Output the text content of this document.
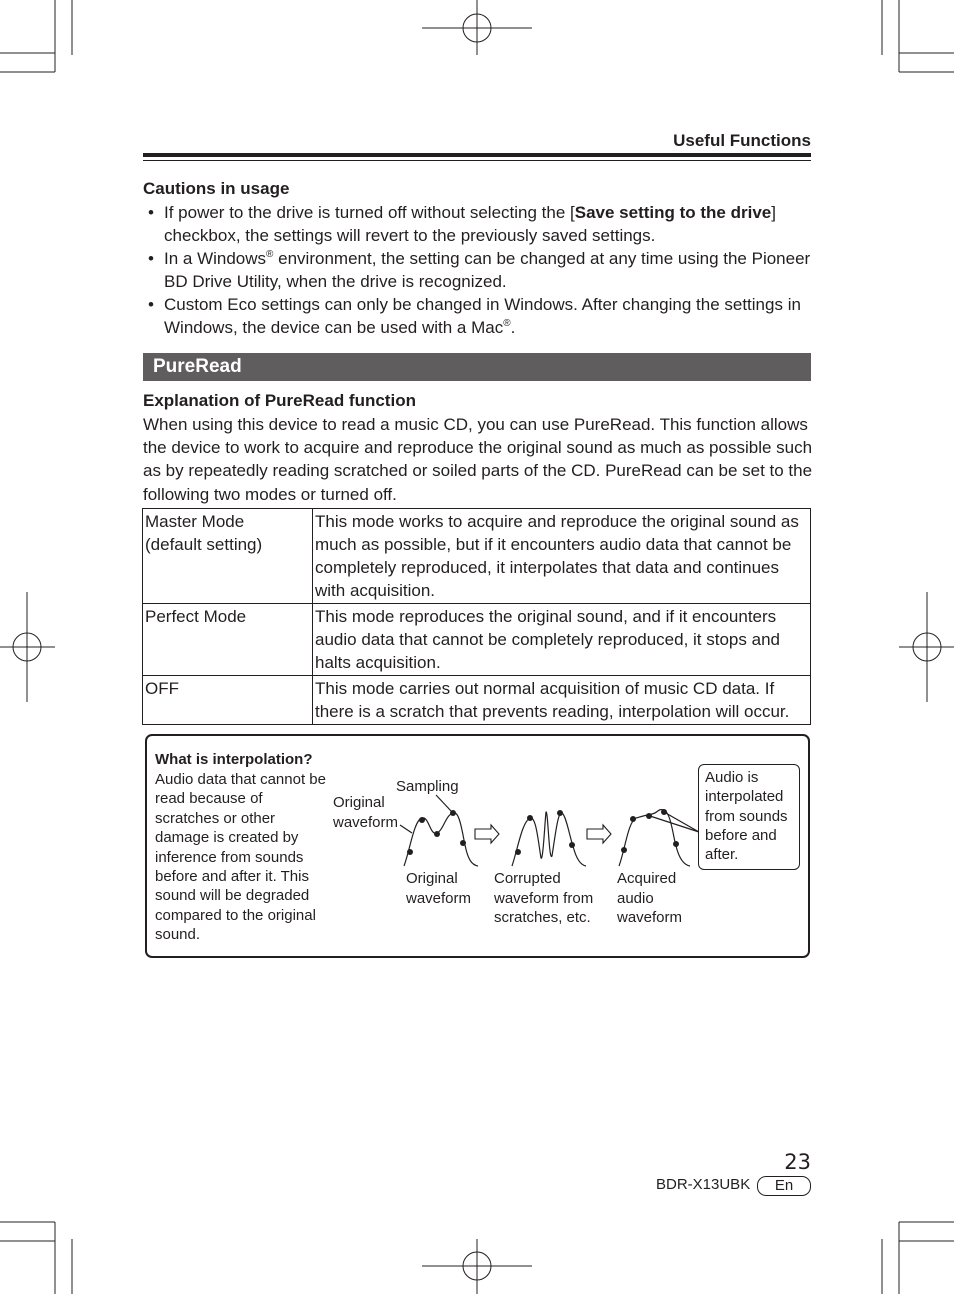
Useful Functions
Cautions in usage
• If power to the drive is turned off without selecting the [Save setting to the drive] checkbox, the settings will revert to the previously saved settings.
• In a Windows® environment, the setting can be changed at any time using the Pioneer BD Drive Utility, when the drive is recognized.
• Custom Eco settings can only be changed in Windows. After changing the settings in Windows, the device can be used with a Mac®.
PureRead
Explanation of PureRead function
When using this device to read a music CD, you can use PureRead. This function allows the device to work to acquire and reproduce the original sound as much as possible such as by repeatedly reading scratched or soiled parts of the CD. PureRead can be set to the following two modes or turned off.
Master Mode
(default setting)	This mode works to acquire and reproduce the original sound as much as possible, but if it encounters audio data that cannot be completely reproduced, it interpolates that data and continues with acquisition.

Perfect Mode	This mode reproduces the original sound, and if it encounters audio data that cannot be completely reproduced, it stops and halts acquisition.

OFF	This mode carries out normal acquisition of music CD data. If there is a scratch that prevents reading, interpolation will occur.
What is interpolation?
Audio data that cannot be read because of scratches or other damage is created by inference from sounds before and after it. This sound will be degraded compared to the original sound.
Sampling
Original waveform
Original waveform
Corrupted waveform from scratches, etc.
Acquired audio waveform
Audio is interpolated from sounds before and after.
23
BDR-X13UBK	En
